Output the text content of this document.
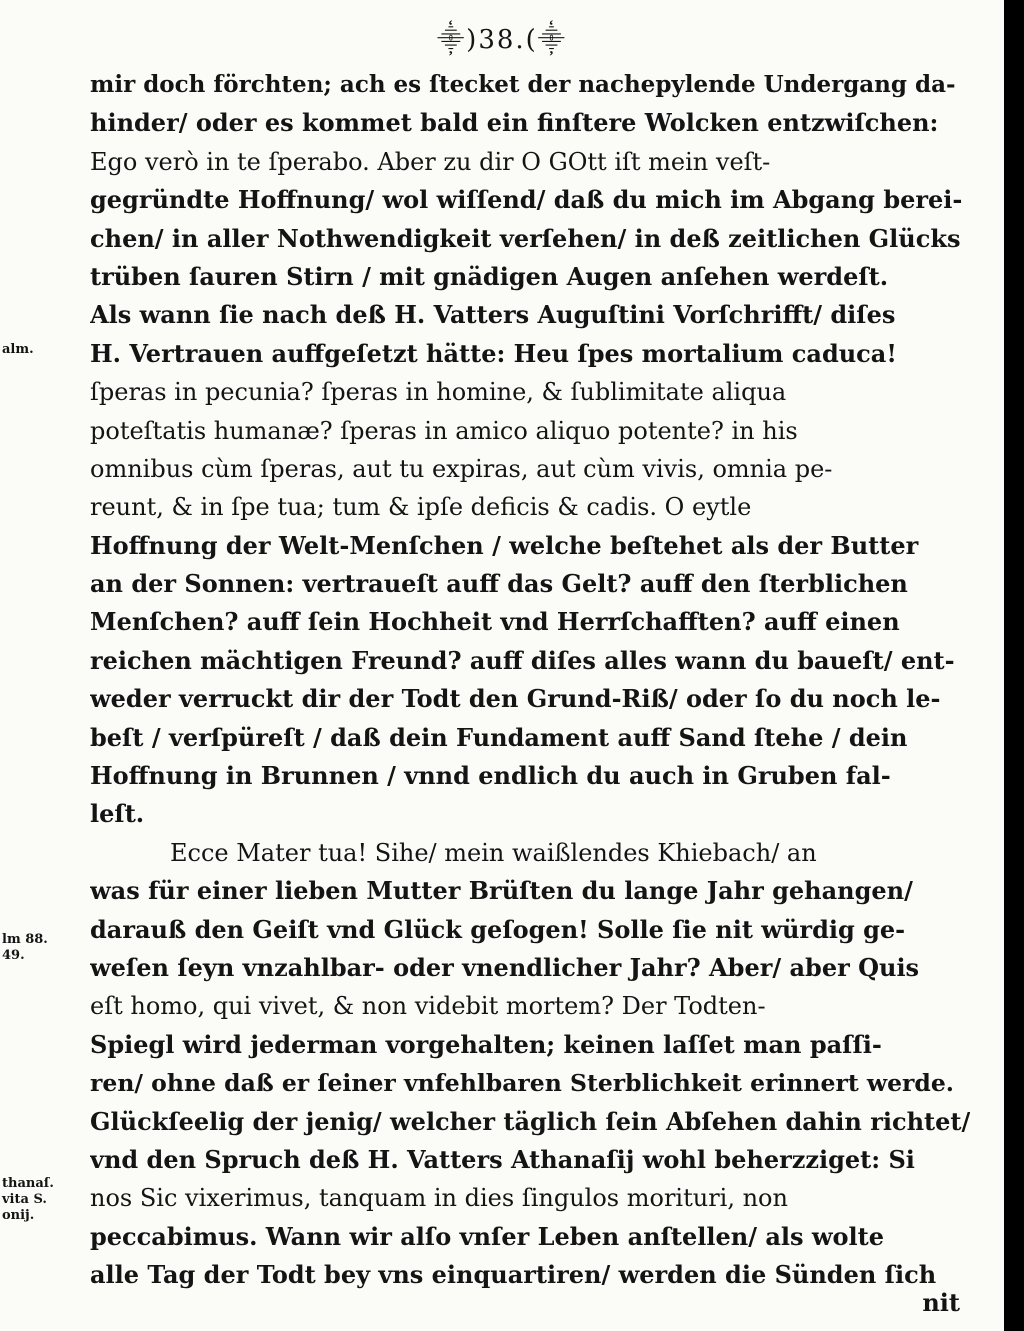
⸎)38.(⸎
alm.
lm 88.
49.
thanaſ.
vita S.
onij.
mir doch förchten; ach es ſtecket der nachepylende Undergang da-
hinder/ oder es kommet bald ein finſtere Wolcken entzwiſchen:
Ego verò in te ſperabo. Aber zu dir O GOtt iſt mein veſt-
gegründte Hoffnung/ wol wiſſend/ daß du mich im Abgang berei-
chen/ in aller Nothwendigkeit verſehen/ in deß zeitlichen Glücks
trüben ſauren Stirn / mit gnädigen Augen anſehen werdeſt.
Als wann ſie nach deß H. Vatters Auguſtini Vorſchrifft/ diſes
H. Vertrauen auffgeſetzt hätte: Heu ſpes mortalium caduca!
ſperas in pecunia? ſperas in homine, & ſublimitate aliqua
poteſtatis humanæ? ſperas in amico aliquo potente? in his
omnibus cùm ſperas, aut tu expiras, aut cùm vivis, omnia pe-
reunt, & in ſpe tua; tum & ipſe deficis & cadis. O eytle
Hoffnung der Welt-Menſchen / welche beſtehet als der Butter
an der Sonnen: vertraueſt auff das Gelt? auff den ſterblichen
Menſchen? auff ſein Hochheit vnd Herrſchafften? auff einen
reichen mächtigen Freund? auff diſes alles wann du baueſt/ ent-
weder verruckt dir der Todt den Grund-Riß/ oder ſo du noch le-
beſt / verſpüreſt / daß dein Fundament auff Sand ſtehe / dein
Hoffnung in Brunnen / vnnd endlich du auch in Gruben fal-
leſt.
Ecce Mater tua! Sihe/ mein waißlendes Khiebach/ an
was für einer lieben Mutter Brüſten du lange Jahr gehangen/
darauß den Geiſt vnd Glück geſogen! Solle ſie nit würdig ge-
weſen ſeyn vnzahlbar- oder vnendlicher Jahr? Aber/ aber Quis
eſt homo, qui vivet, & non videbit mortem? Der Todten-
Spiegl wird jederman vorgehalten; keinen laſſet man paſſi-
ren/ ohne daß er ſeiner vnfehlbaren Sterblichkeit erinnert werde.
Glückſeelig der jenig/ welcher täglich ſein Abſehen dahin richtet/
vnd den Spruch deß H. Vatters Athanaſij wohl beherzziget: Si
nos Sic vixerimus, tanquam in dies ſingulos morituri, non
peccabimus. Wann wir alſo vnſer Leben anſtellen/ als wolte
alle Tag der Todt bey vns einquartiren/ werden die Sünden ſich
nit
